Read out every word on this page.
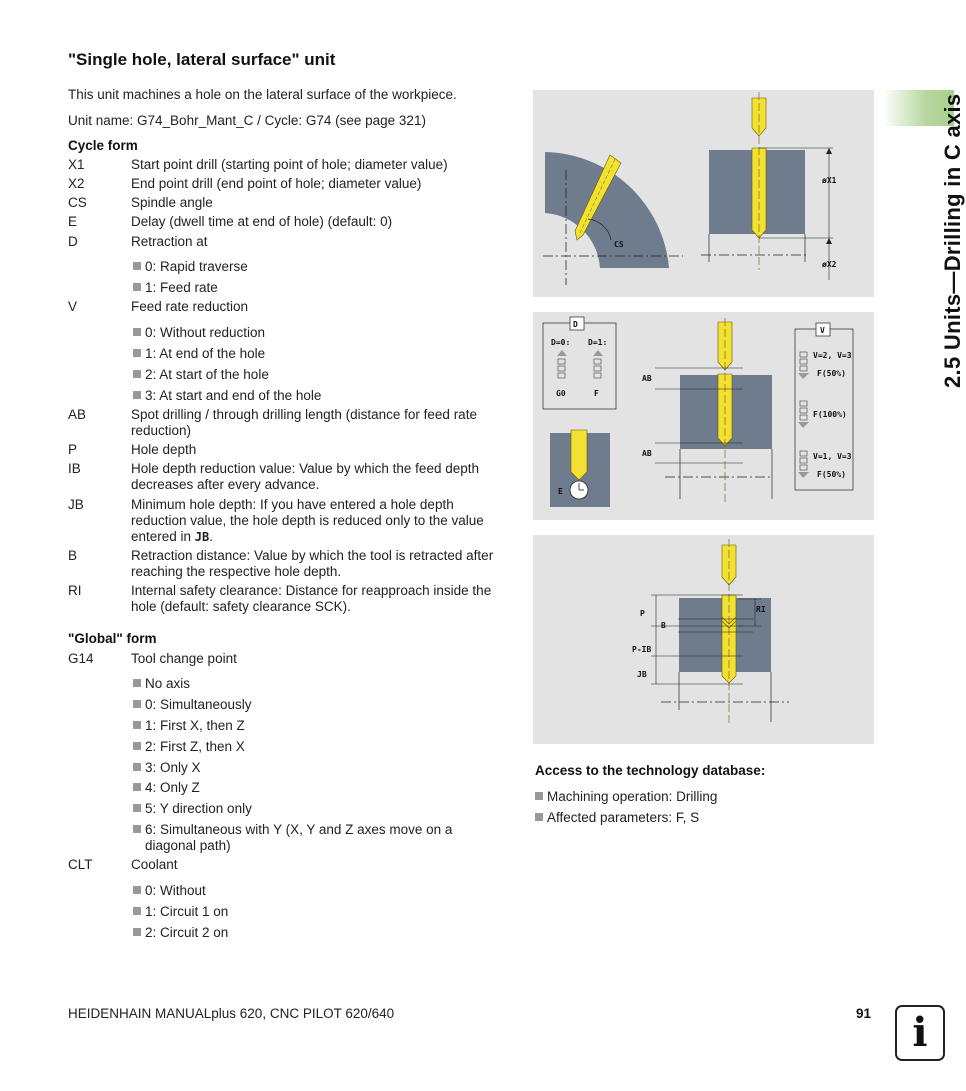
"Single hole, lateral surface" unit
This unit machines a hole on the lateral surface of the workpiece.
Unit name: G74_Bohr_Mant_C / Cycle: G74 (see page 321)
Cycle form
X1	Start point drill (starting point of hole; diameter value)
X2	End point drill (end point of hole; diameter value)
CS	Spindle angle
E	Delay (dwell time at end of hole) (default: 0)
D	Retraction at
0: Rapid traverse
1: Feed rate
V	Feed rate reduction
0: Without reduction
1: At end of the hole
2: At start of the hole
3: At start and end of the hole
AB	Spot drilling / through drilling length (distance for feed rate reduction)
P	Hole depth
IB	Hole depth reduction value: Value by which the feed depth decreases after every advance.
JB	Minimum hole depth: If you have entered a hole depth reduction value, the hole depth is reduced only to the value entered in JB.
B	Retraction distance: Value by which the tool is retracted after reaching the respective hole depth.
RI	Internal safety clearance: Distance for reapproach inside the hole (default: safety clearance SCK).
"Global" form
G14	Tool change point
No axis
0: Simultaneously
1: First X, then Z
2: First Z, then X
3: Only X
4: Only Z
5: Y direction only
6: Simultaneous with Y (X, Y and Z axes move on a diagonal path)
CLT	Coolant
0: Without
1: Circuit 1 on
2: Circuit 2 on
CS
øX1
øX2
D
D=0: D=1:
G0	F
E
AB
AB
V
V=2, V=3
F(50%)
F(100%)
V=1, V=3
F(50%)
P
B
P-IB
JB
RI
Access to the technology database:
Machining operation: Drilling
Affected parameters: F, S
2.5 Units—Drilling in C axis
HEIDENHAIN MANUALplus 620, CNC PILOT 620/640	91	i
